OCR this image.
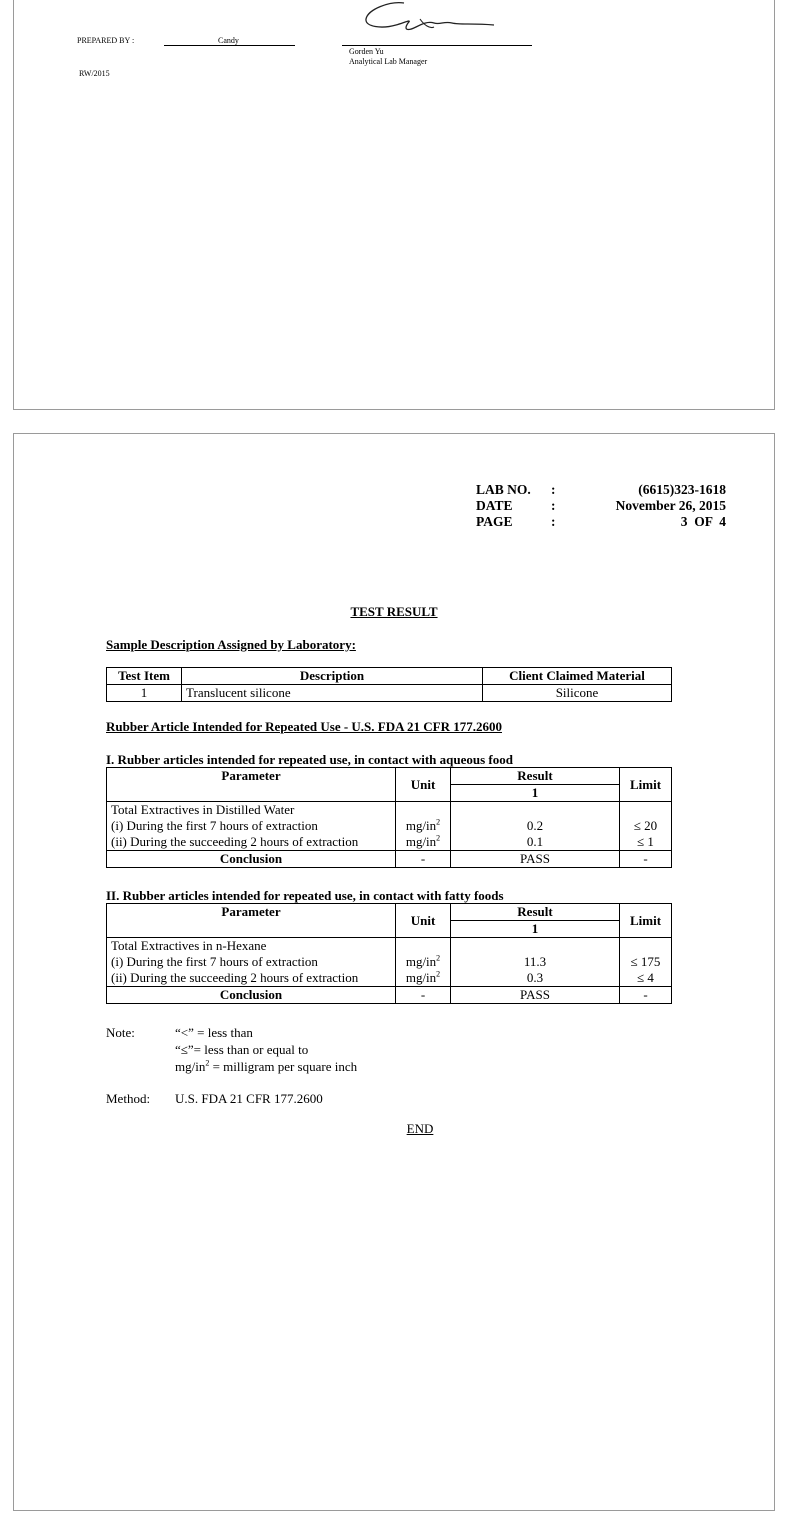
PREPARED BY :	Candy
Gorden Yu
Analytical Lab Manager
RW/2015
LAB NO. :	(6615)323-1618
DATE	:	November 26, 2015
PAGE	:	3  OF  4
TEST RESULT
Sample Description Assigned by Laboratory:
Test Item	Description	Client Claimed Material
1	Translucent silicone	Silicone
Rubber Article Intended for Repeated Use - U.S. FDA 21 CFR 177.2600
I. Rubber articles intended for repeated use, in contact with aqueous food
Parameter	Unit	Result	Limit
		1	
Total Extractives in Distilled Water			
(i) During the first 7 hours of extraction	$mg/in^2$	0.2	≤ 20
(ii) During the succeeding 2 hours of extraction	$mg/in^2$	0.1	≤ 1
Conclusion	-	PASS	-
II. Rubber articles intended for repeated use, in contact with fatty foods
Parameter	Unit	Result	Limit
		1	
Total Extractives in n-Hexane			
(i) During the first 7 hours of extraction	$mg/in^2$	11.3	≤ 175
(ii) During the succeeding 2 hours of extraction	$mg/in^2$	0.3	≤ 4
Conclusion	-	PASS	-
Note:	“<” = less than
“≤”= less than or equal to
$mg/in^2$ = milligram per square inch
Method: U.S. FDA 21 CFR 177.2600
END
